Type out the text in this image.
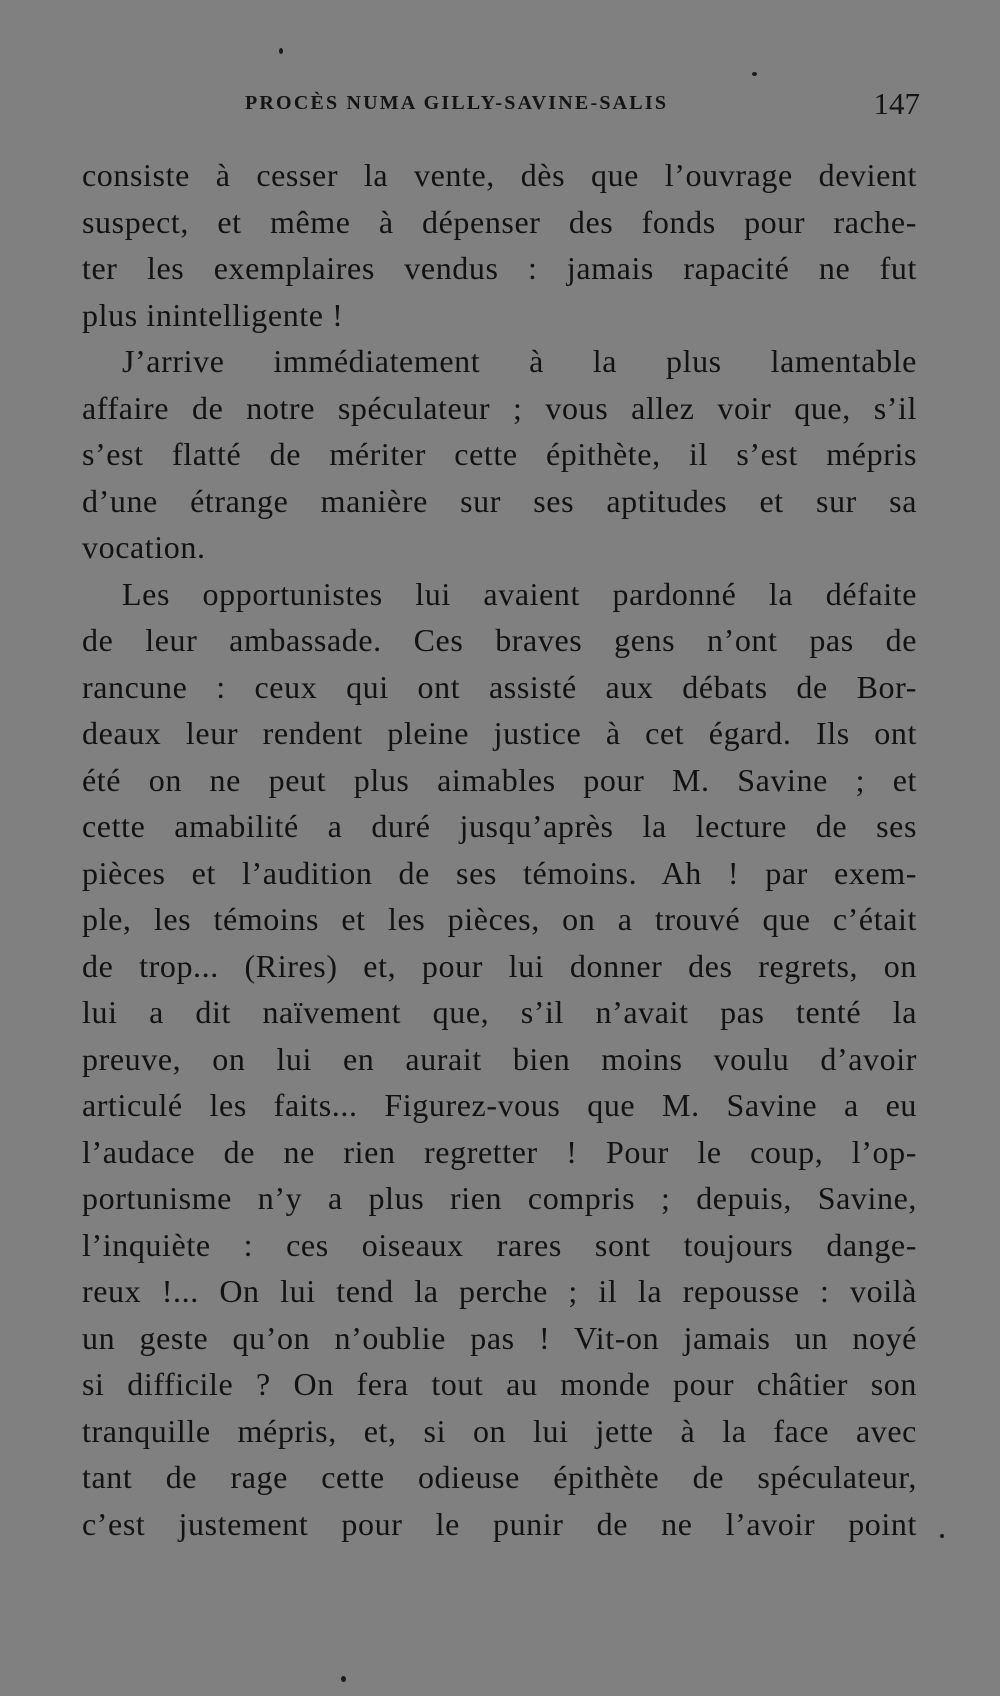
PROCÈS NUMA GILLY-SAVINE-SALIS	147
consiste à cesser la vente, dès que l’ouvrage devient
suspect, et même à dépenser des fonds pour rache-
ter les exemplaires vendus : jamais rapacité ne fut
plus inintelligente !
J’arrive immédiatement à la plus lamentable
affaire de notre spéculateur ; vous allez voir que, s’il
s’est flatté de mériter cette épithète, il s’est mépris
d’une étrange manière sur ses aptitudes et sur sa
vocation.
Les opportunistes lui avaient pardonné la défaite
de leur ambassade. Ces braves gens n’ont pas de
rancune : ceux qui ont assisté aux débats de Bor-
deaux leur rendent pleine justice à cet égard. Ils ont
été on ne peut plus aimables pour M. Savine ; et
cette amabilité a duré jusqu’après la lecture de ses
pièces et l’audition de ses témoins. Ah ! par exem-
ple, les témoins et les pièces, on a trouvé que c’était
de trop... (Rires) et, pour lui donner des regrets, on
lui a dit naïvement que, s’il n’avait pas tenté la
preuve, on lui en aurait bien moins voulu d’avoir
articulé les faits... Figurez-vous que M. Savine a eu
l’audace de ne rien regretter ! Pour le coup, l’op-
portunisme n’y a plus rien compris ; depuis, Savine,
l’inquiète : ces oiseaux rares sont toujours dange-
reux !... On lui tend la perche ; il la repousse : voilà
un geste qu’on n’oublie pas ! Vit-on jamais un noyé
si difficile ? On fera tout au monde pour châtier son
tranquille mépris, et, si on lui jette à la face avec
tant de rage cette odieuse épithète de spéculateur,
c’est justement pour le punir de ne l’avoir point
